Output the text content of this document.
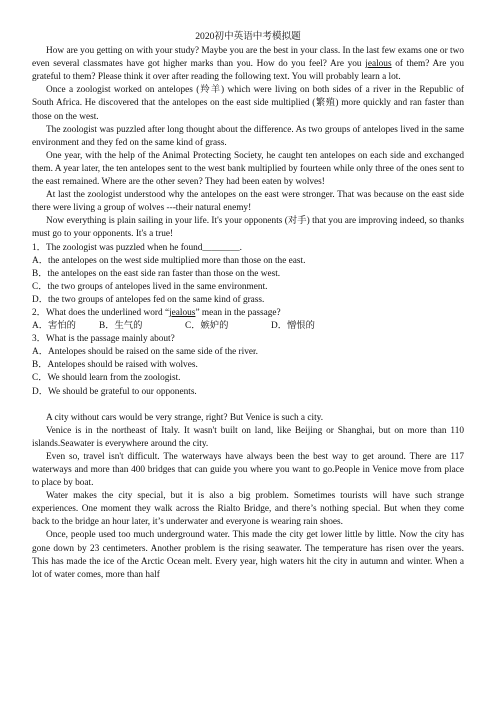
2020初中英语中考模拟题

How are you getting on with your study? Maybe you are the best in your class. In the last few exams one or two even several classmates have got higher marks than you. How do you feel? Are you jealous of them? Are you grateful to them? Please think it over after reading the following text. You will probably learn a lot.

Once a zoologist worked on antelopes (羚羊) which were living on both sides of a river in the Republic of South Africa. He discovered that the antelopes on the east side multiplied (繁殖) more quickly and ran faster than those on the west.

The zoologist was puzzled after long thought about the difference. As two groups of antelopes lived in the same environment and they fed on the same kind of grass.

One year, with the help of the Animal Protecting Society, he caught ten antelopes on each side and exchanged them. A year later, the ten antelopes sent to the west bank multiplied by fourteen while only three of the ones sent to the east remained. Where are the other seven? They had been eaten by wolves!

At last the zoologist understood why the antelopes on the east were stronger. That was because on the east side there were living a group of wolves ---their natural enemy!

Now everything is plain sailing in your life. It's your opponents (对手) that you are improving indeed, so thanks must go to your opponents. It's a true!

1．The zoologist was puzzled when he found________.
A．the antelopes on the west side multiplied more than those on the east.
B．the antelopes on the east side ran faster than those on the west.
C．the two groups of antelopes lived in the same environment.
D．the two groups of antelopes fed on the same kind of grass.
2．What does the underlined word “jealous” mean in the passage?
A．害怕的	B．生气的	C．嫉妒的	D．憎恨的
3．What is the passage mainly about?
A．Antelopes should be raised on the same side of the river.
B．Antelopes should be raised with wolves.
C．We should learn from the zoologist.
D．We should be grateful to our opponents.

A city without cars would be very strange, right? But Venice is such a city.

Venice is in the northeast of Italy. It wasn't built on land, like Beijing or Shanghai, but on more than 110 islands.Seawater is everywhere around the city.

Even so, travel isn't difficult. The waterways have always been the best way to get around. There are 117 waterways and more than 400 bridges that can guide you where you want to go.People in Venice move from place to place by boat.

Water makes the city special, but it is also a big problem. Sometimes tourists will have such strange experiences. One moment they walk across the Rialto Bridge, and there’s nothing special. But when they come back to the bridge an hour later, it’s underwater and everyone is wearing rain shoes.

Once, people used too much underground water. This made the city get lower little by little. Now the city has gone down by 23 centimeters. Another problem is the rising seawater. The temperature has risen over the years. This has made the ice of the Arctic Ocean melt. Every year, high waters hit the city in autumn and winter. When a lot of water comes, more than half
